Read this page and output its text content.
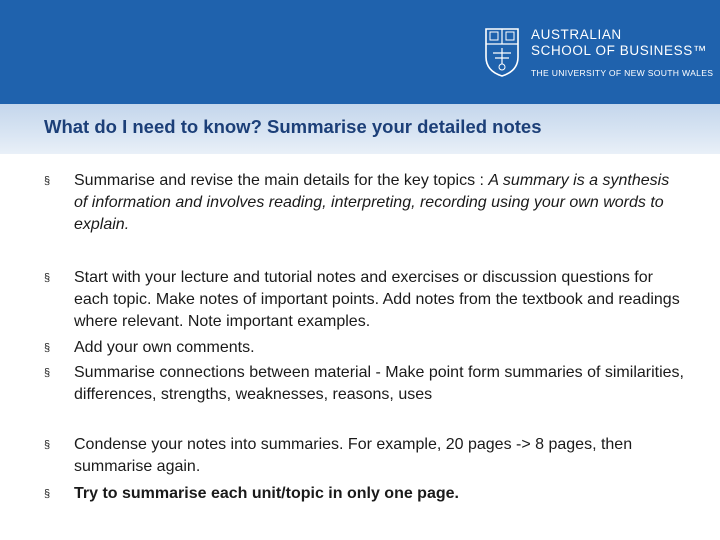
AUSTRALIAN
SCHOOL OF BUSINESS™
THE UNIVERSITY OF NEW SOUTH WALES
What do I need to know? Summarise your detailed notes
§ Summarise and revise the main details for the key topics : A summary is a synthesis of information and involves reading, interpreting, recording using your own words to explain.
§ Start with your lecture and tutorial notes and exercises or discussion questions for each topic. Make notes of important points. Add notes from the textbook and readings where relevant. Note important examples.
§ Add your own comments.
§ Summarise connections between material - Make point form summaries of similarities, differences, strengths, weaknesses, reasons, uses
§ Condense your notes into summaries. For example, 20 pages -> 8 pages, then summarise again.
§ Try to summarise each unit/topic in only one page.
